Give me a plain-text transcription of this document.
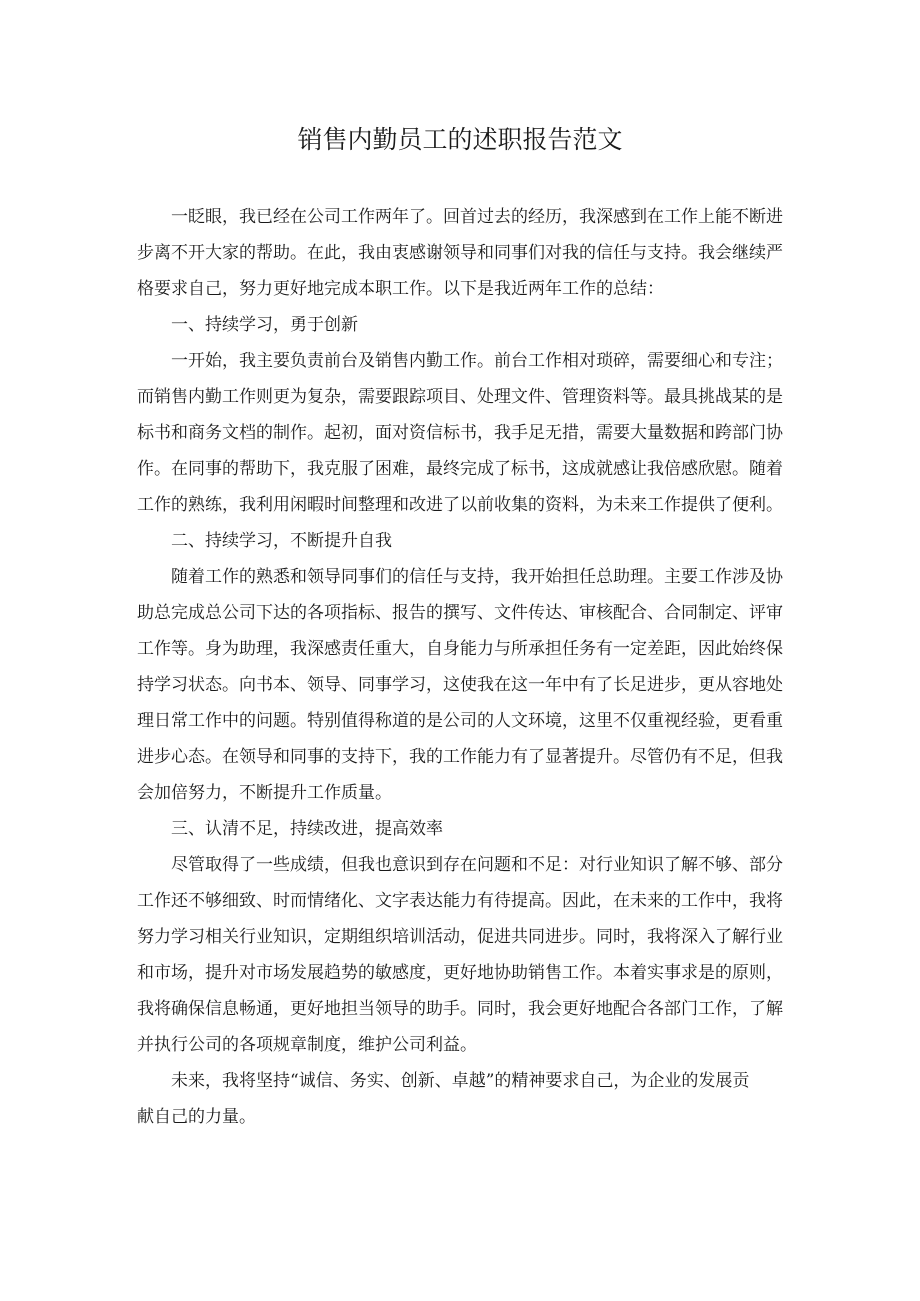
销售内勤员工的述职报告范文

一眨眼，我已经在公司工作两年了。回首过去的经历，我深感到在工作上能不断进

步离不开大家的帮助。在此，我由衷感谢领导和同事们对我的信任与支持。我会继续严

格要求自己，努力更好地完成本职工作。以下是我近两年工作的总结：

一、持续学习，勇于创新

一开始，我主要负责前台及销售内勤工作。前台工作相对琐碎，需要细心和专注；

而销售内勤工作则更为复杂，需要跟踪项目、处理文件、管理资料等。最具挑战某的是

标书和商务文档的制作。起初，面对资信标书，我手足无措，需要大量数据和跨部门协

作。在同事的帮助下，我克服了困难，最终完成了标书，这成就感让我倍感欣慰。随着

工作的熟练，我利用闲暇时间整理和改进了以前收集的资料，为未来工作提供了便利。

二、持续学习，不断提升自我

随着工作的熟悉和领导同事们的信任与支持，我开始担任总助理。主要工作涉及协

助总完成总公司下达的各项指标、报告的撰写、文件传达、审核配合、合同制定、评审

工作等。身为助理，我深感责任重大，自身能力与所承担任务有一定差距，因此始终保

持学习状态。向书本、领导、同事学习，这使我在这一年中有了长足进步，更从容地处

理日常工作中的问题。特别值得称道的是公司的人文环境，这里不仅重视经验，更看重

进步心态。在领导和同事的支持下，我的工作能力有了显著提升。尽管仍有不足，但我

会加倍努力，不断提升工作质量。

三、认清不足，持续改进，提高效率

尽管取得了一些成绩，但我也意识到存在问题和不足：对行业知识了解不够、部分

工作还不够细致、时而情绪化、文字表达能力有待提高。因此，在未来的工作中，我将

努力学习相关行业知识，定期组织培训活动，促进共同进步。同时，我将深入了解行业

和市场，提升对市场发展趋势的敏感度，更好地协助销售工作。本着实事求是的原则，

我将确保信息畅通，更好地担当领导的助手。同时，我会更好地配合各部门工作，了解

并执行公司的各项规章制度，维护公司利益。

未来，我将坚持“诚信、务实、创新、卓越”的精神要求自己，为企业的发展贡

献自己的力量。
